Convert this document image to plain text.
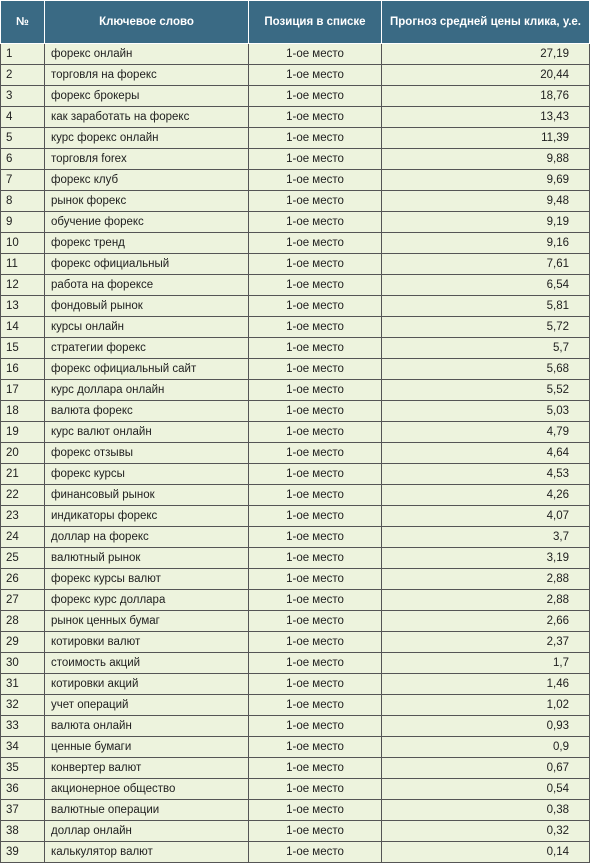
№	Ключевое слово	Позиция в списке	Прогноз средней цены клика, у.е.
1	форекс онлайн	1-ое место	27,19
2	торговля на форекс	1-ое место	20,44
3	форекс брокеры	1-ое место	18,76
4	как заработать на форекс	1-ое место	13,43
5	курс форекс онлайн	1-ое место	11,39
6	торговля forex	1-ое место	9,88
7	форекс клуб	1-ое место	9,69
8	рынок форекс	1-ое место	9,48
9	обучение форекс	1-ое место	9,19
10	форекс тренд	1-ое место	9,16
11	форекс официальный	1-ое место	7,61
12	работа на форексе	1-ое место	6,54
13	фондовый рынок	1-ое место	5,81
14	курсы онлайн	1-ое место	5,72
15	стратегии форекс	1-ое место	5,7
16	форекс официальный сайт	1-ое место	5,68
17	курс доллара онлайн	1-ое место	5,52
18	валюта форекс	1-ое место	5,03
19	курс валют онлайн	1-ое место	4,79
20	форекс отзывы	1-ое место	4,64
21	форекс курсы	1-ое место	4,53
22	финансовый рынок	1-ое место	4,26
23	индикаторы форекс	1-ое место	4,07
24	доллар на форекс	1-ое место	3,7
25	валютный рынок	1-ое место	3,19
26	форекс курсы валют	1-ое место	2,88
27	форекс курс доллара	1-ое место	2,88
28	рынок ценных бумаг	1-ое место	2,66
29	котировки валют	1-ое место	2,37
30	стоимость акций	1-ое место	1,7
31	котировки акций	1-ое место	1,46
32	учет операций	1-ое место	1,02
33	валюта онлайн	1-ое место	0,93
34	ценные бумаги	1-ое место	0,9
35	конвертер валют	1-ое место	0,67
36	акционерное общество	1-ое место	0,54
37	валютные операции	1-ое место	0,38
38	доллар онлайн	1-ое место	0,32
39	калькулятор валют	1-ое место	0,14
